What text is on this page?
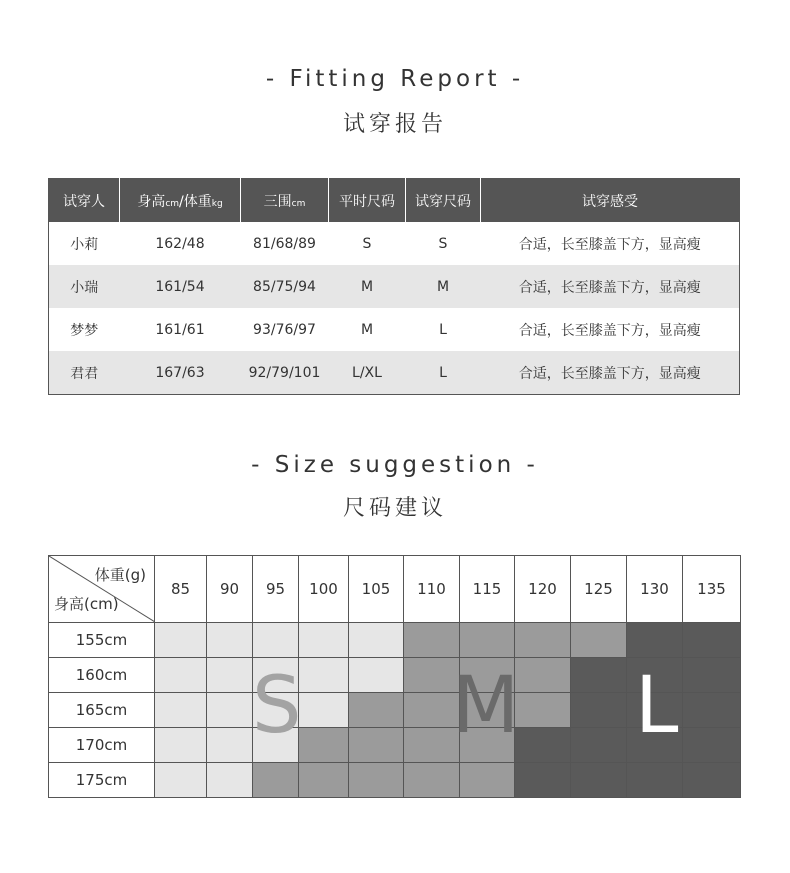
- Fitting Report -
试穿报告
试穿人	身高cm/体重kg	三围cm	平时尺码	试穿尺码	试穿感受
小莉	162/48	81/68/89	S	S	合适，长至膝盖下方，显高瘦
小瑞	161/54	85/75/94	M	M	合适，长至膝盖下方，显高瘦
梦梦	161/61	93/76/97	M	L	合适，长至膝盖下方，显高瘦
君君	167/63	92/79/101	L/XL	L	合适，长至膝盖下方，显高瘦
- Size suggestion -
尺码建议
体重(g)
身高(cm)	85	90	95	100	105	110	115	120	125	130	135
155cm											
160cm											
165cm											
170cm											
175cm											
S M L
